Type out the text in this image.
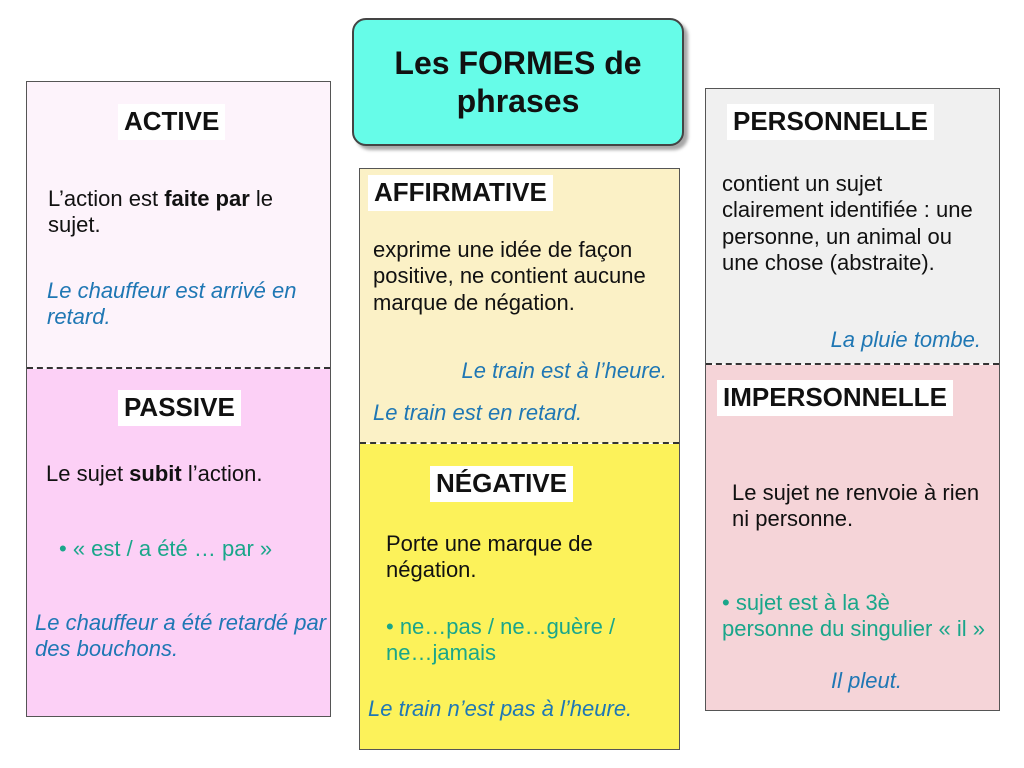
Les FORMES de phrases
ACTIVE
L’action est faite par le sujet.
Le chauffeur est arrivé en retard.
PASSIVE
Le sujet subit l’action.
• « est / a été … par »
Le chauffeur a été retardé par des bouchons.
AFFIRMATIVE
exprime une idée de façon positive, ne contient aucune marque de négation.
Le train est à l’heure.
Le train est en retard.
NÉGATIVE
Porte une marque de négation.
• ne…pas / ne…guère / ne…jamais
Le train n’est pas à l’heure.
PERSONNELLE
contient un sujet clairement identifiée : une personne, un animal ou une chose (abstraite).
La pluie tombe.
IMPERSONNELLE
Le sujet ne renvoie à rien ni personne.
• sujet est à la 3è personne du singulier « il »
Il pleut.
